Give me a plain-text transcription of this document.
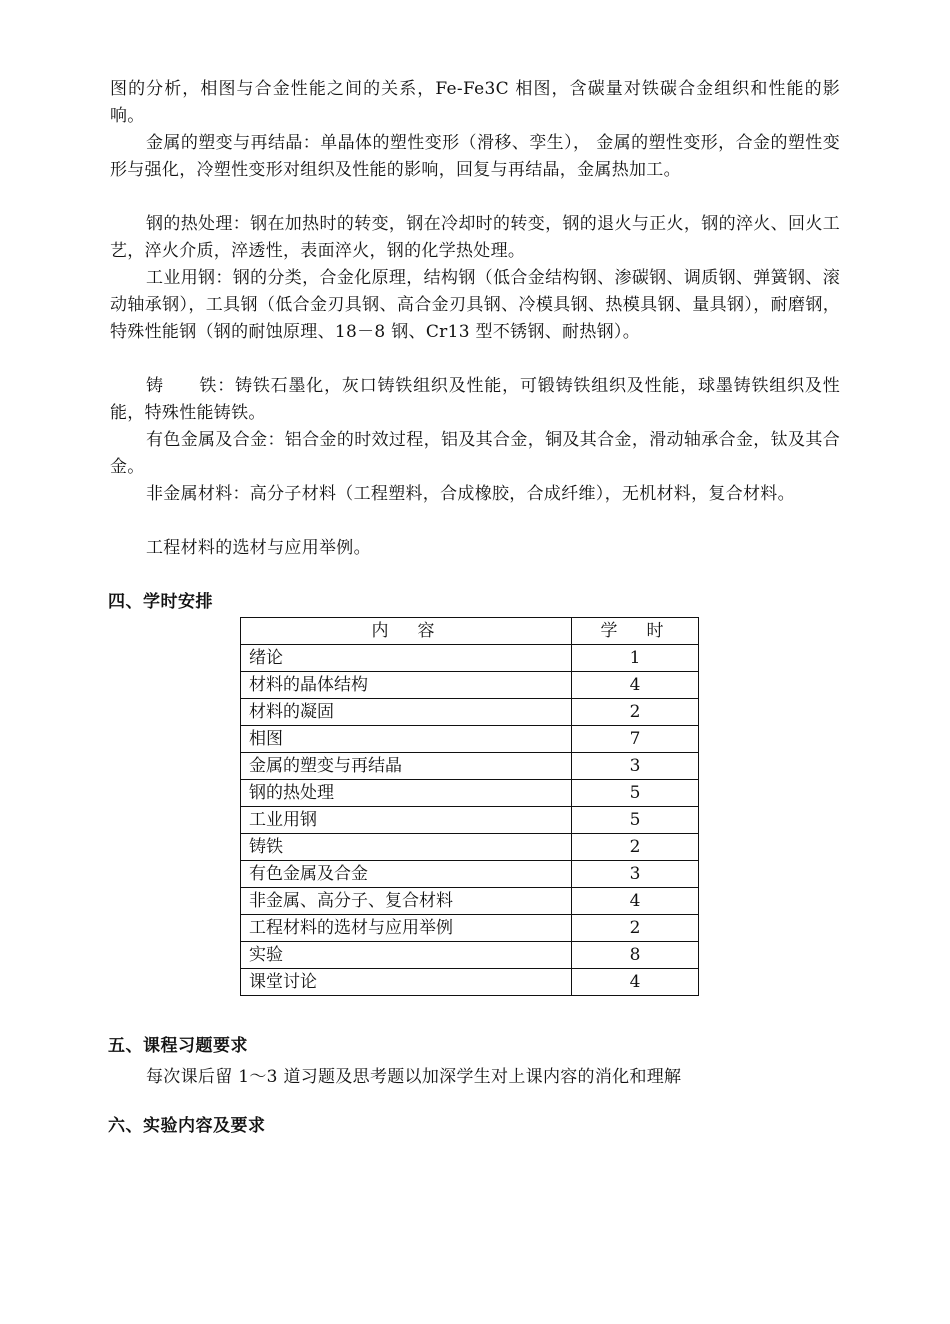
图的分析，相图与合金性能之间的关系，Fe-Fe3C 相图，含碳量对铁碳合金组织和性能的影响。

金属的塑变与再结晶：单晶体的塑性变形（滑移、孪生）， 金属的塑性变形，合金的塑性变形与强化，冷塑性变形对组织及性能的影响，回复与再结晶，金属热加工。

钢的热处理：钢在加热时的转变，钢在冷却时的转变，钢的退火与正火，钢的淬火、回火工艺，淬火介质，淬透性，表面淬火，钢的化学热处理。

工业用钢：钢的分类，合金化原理，结构钢（低合金结构钢、渗碳钢、调质钢、弹簧钢、滚动轴承钢），工具钢（低合金刃具钢、高合金刃具钢、冷模具钢、热模具钢、量具钢），耐磨钢，特殊性能钢（钢的耐蚀原理、18－8 钢、Cr13 型不锈钢、耐热钢）。

铸　　铁：铸铁石墨化，灰口铸铁组织及性能，可锻铸铁组织及性能，球墨铸铁组织及性能，特殊性能铸铁。

有色金属及合金：铝合金的时效过程，铝及其合金，铜及其合金，滑动轴承合金，钛及其合金。

非金属材料：高分子材料（工程塑料，合成橡胶，合成纤维），无机材料，复合材料。

工程材料的选材与应用举例。

四、学时安排
内　容	学　时
绪论	1
材料的晶体结构	4
材料的凝固	2
相图	7
金属的塑变与再结晶	3
钢的热处理	5
工业用钢	5
铸铁	2
有色金属及合金	3
非金属、高分子、复合材料	4
工程材料的选材与应用举例	2
实验	8
课堂讨论	4
五、课程习题要求

每次课后留 1～3 道习题及思考题以加深学生对上课内容的消化和理解

六、实验内容及要求
